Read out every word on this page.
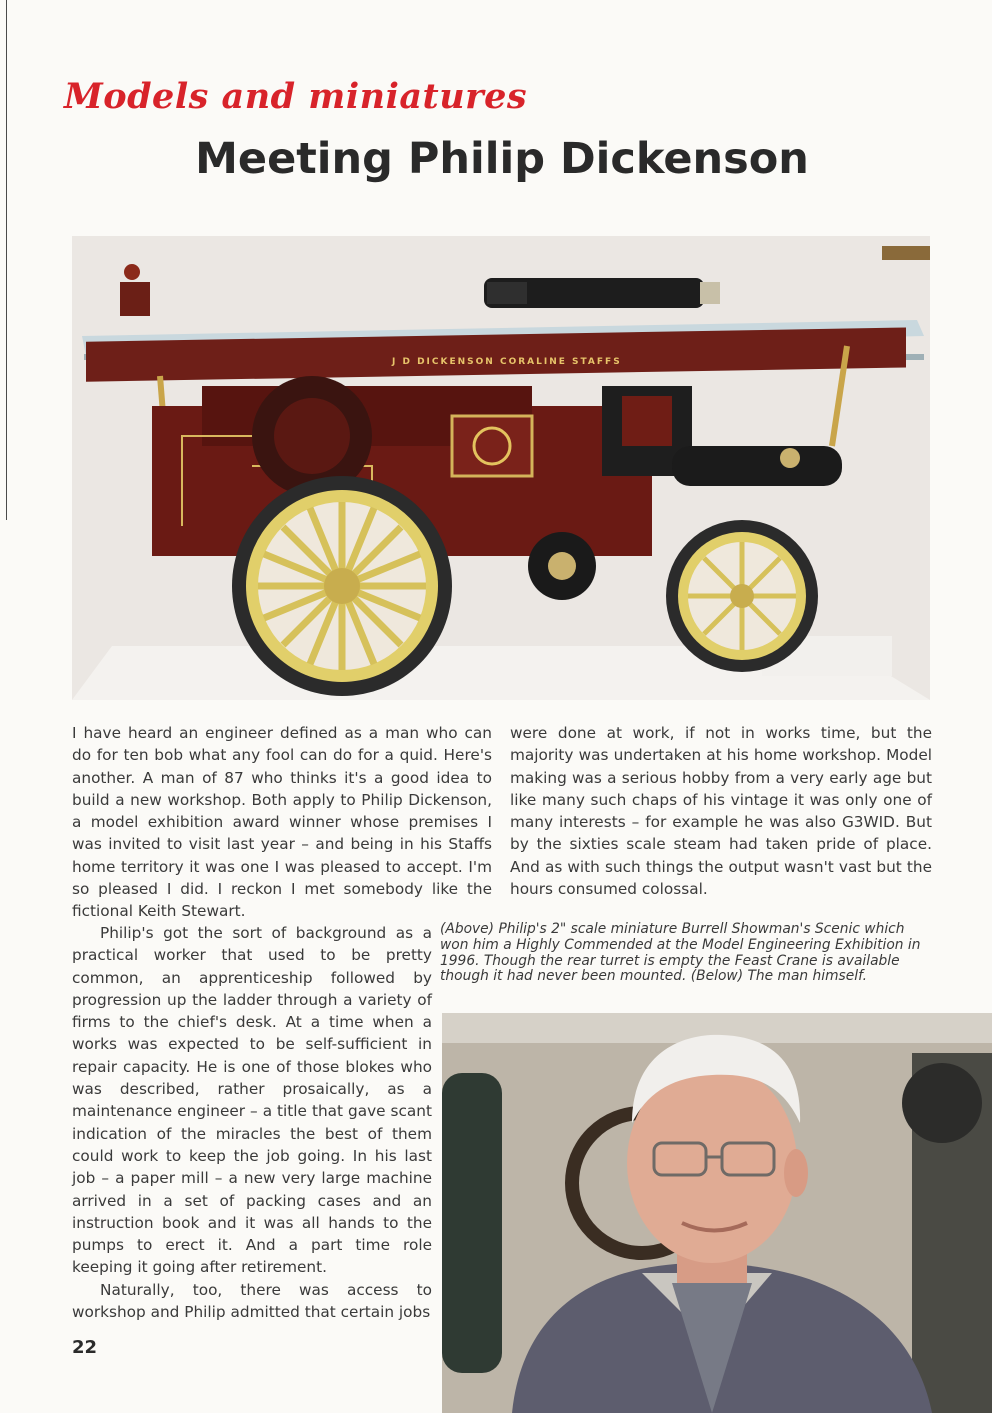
Models and miniatures
Meeting Philip Dickenson
J D DICKENSON CORALINE STAFFS

I have heard an engineer defined as a man who can do for ten bob what any fool can do for a quid. Here's another. A man of 87 who thinks it's a good idea to build a new workshop. Both apply to Philip Dickenson, a model exhibition award winner whose premises I was invited to visit last year – and being in his Staffs home territory it was one I was pleased to accept. I'm so pleased I did. I reckon I met somebody like the fictional Keith Stewart.

were done at work, if not in works time, but the majority was undertaken at his home workshop. Model making was a serious hobby from a very early age but like many such chaps of his vintage it was only one of many interests – for example he was also G3WID. But by the sixties scale steam had taken pride of place. And as with such things the output wasn't vast but the hours consumed colossal.

Philip's got the sort of background as a practical worker that used to be pretty common, an apprenticeship followed by progression up the ladder through a variety of firms to the chief's desk. At a time when a works was expected to be self-sufficient in repair capacity. He is one of those blokes who was described, rather prosaically, as a maintenance engineer – a title that gave scant indication of the miracles the best of them could work to keep the job going. In his last job – a paper mill – a new very large machine arrived in a set of packing cases and an instruction book and it was all hands to the pumps to erect it. And a part time role keeping it going after retirement.

Naturally, too, there was access to workshop and Philip admitted that certain jobs

(Above) Philip's 2" scale miniature Burrell Showman's Scenic which won him a Highly Commended at the Model Engineering Exhibition in 1996. Though the rear turret is empty the Feast Crane is available though it had never been mounted. (Below) The man himself.

22
